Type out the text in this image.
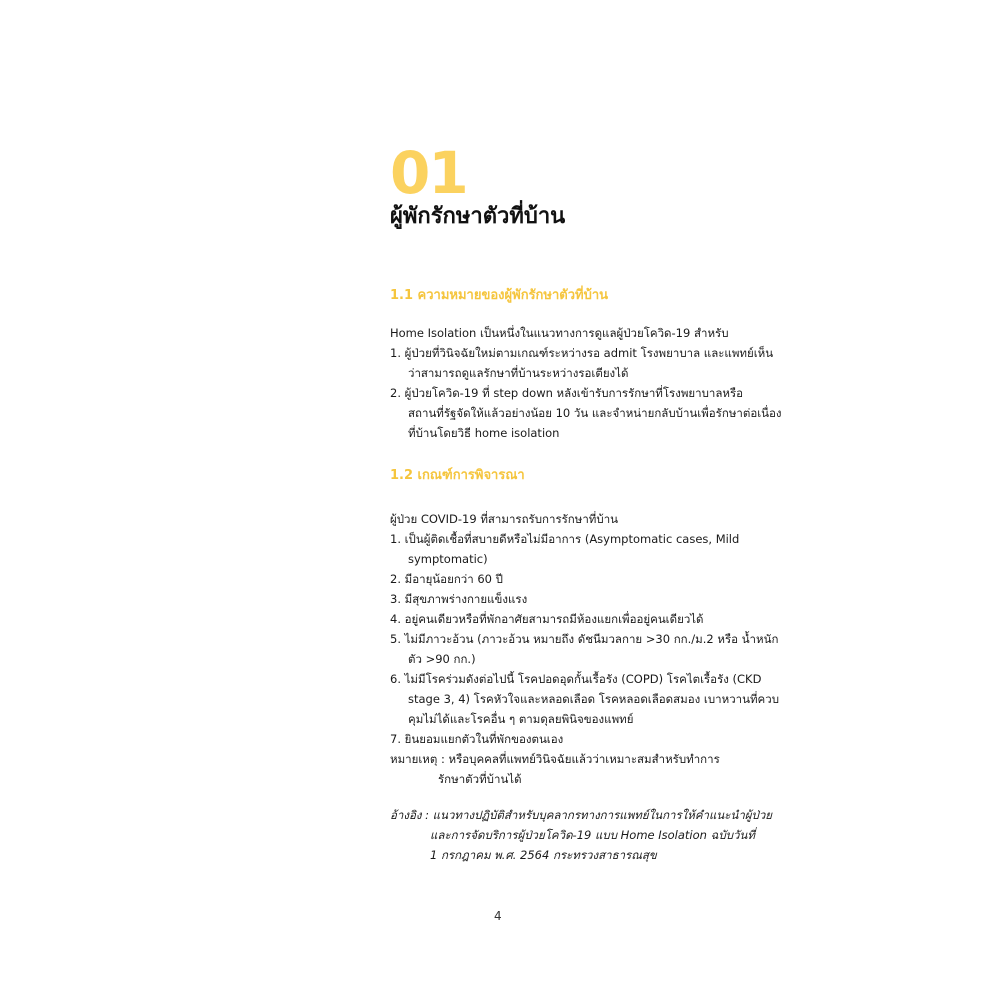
01
ผู้พักรักษาตัวที่บ้าน
1.1 ความหมายของผู้พักรักษาตัวที่บ้าน
Home Isolation เป็นหนึ่งในแนวทางการดูแลผู้ป่วยโควิด-19 สำหรับ
1. ผู้ป่วยที่วินิจฉัยใหม่ตามเกณฑ์ระหว่างรอ admit โรงพยาบาล และแพทย์เห็น
ว่าสามารถดูแลรักษาที่บ้านระหว่างรอเตียงได้
2. ผู้ป่วยโควิด-19 ที่ step down หลังเข้ารับการรักษาที่โรงพยาบาลหรือ
สถานที่รัฐจัดให้แล้วอย่างน้อย 10 วัน และจำหน่ายกลับบ้านเพื่อรักษาต่อเนื่อง
ที่บ้านโดยวิธี home isolation
1.2 เกณฑ์การพิจารณา
ผู้ป่วย COVID-19 ที่สามารถรับการรักษาที่บ้าน
1. เป็นผู้ติดเชื้อที่สบายดีหรือไม่มีอาการ (Asymptomatic cases, Mild
symptomatic)
2. มีอายุน้อยกว่า 60 ปี
3. มีสุขภาพร่างกายแข็งแรง
4. อยู่คนเดียวหรือที่พักอาศัยสามารถมีห้องแยกเพื่ออยู่คนเดียวได้
5. ไม่มีภาวะอ้วน (ภาวะอ้วน หมายถึง ดัชนีมวลกาย >30 กก./ม.2 หรือ น้ำหนัก
ตัว >90 กก.)
6. ไม่มีโรคร่วมดังต่อไปนี้ โรคปอดอุดกั้นเรื้อรัง (COPD) โรคไตเรื้อรัง (CKD
stage 3, 4) โรคหัวใจและหลอดเลือด โรคหลอดเลือดสมอง เบาหวานที่ควบ
คุมไม่ได้และโรคอื่น ๆ ตามดุลยพินิจของแพทย์
7. ยินยอมแยกตัวในที่พักของตนเอง
หมายเหตุ : หรือบุคคลที่แพทย์วินิจฉัยแล้วว่าเหมาะสมสำหรับทำการ
รักษาตัวที่บ้านได้
อ้างอิง : แนวทางปฏิบัติสำหรับบุคลากรทางการแพทย์ในการให้คำแนะนำผู้ป่วย
และการจัดบริการผู้ป่วยโควิด-19 แบบ Home Isolation ฉบับวันที่
1 กรกฎาคม พ.ศ. 2564 กระทรวงสาธารณสุข
4
